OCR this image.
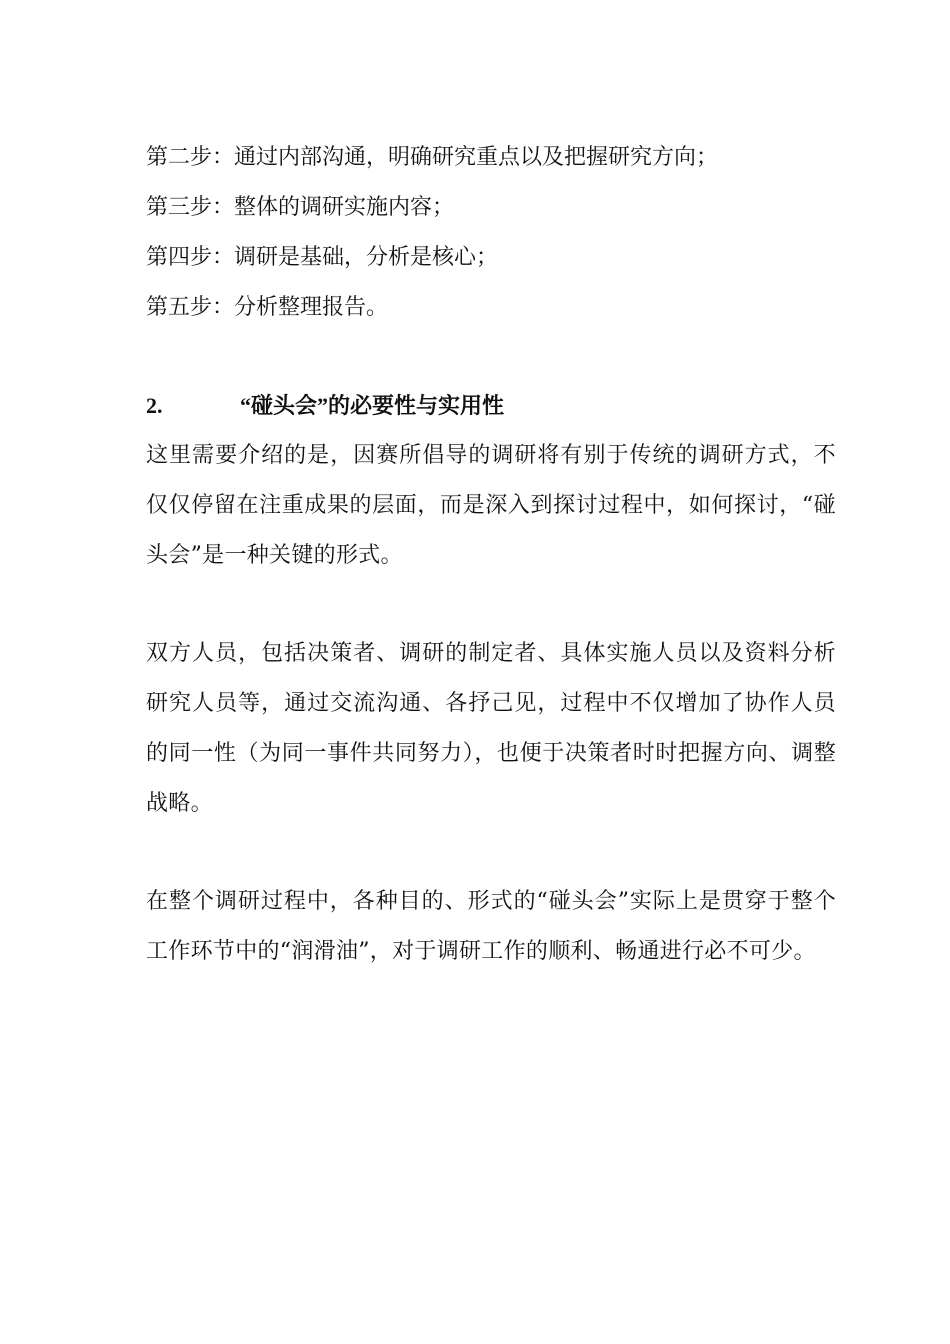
第二步：通过内部沟通，明确研究重点以及把握研究方向；
第三步：整体的调研实施内容；
第四步：调研是基础，分析是核心；
第五步：分析整理报告。
2.	“碰头会”的必要性与实用性

这里需要介绍的是，因赛所倡导的调研将有别于传统的调研方式，不仅仅停留在注重成果的层面，而是深入到探讨过程中，如何探讨，“碰头会”是一种关键的形式。

双方人员，包括决策者、调研的制定者、具体实施人员以及资料分析研究人员等，通过交流沟通、各抒己见，过程中不仅增加了协作人员的同一性（为同一事件共同努力），也便于决策者时时把握方向、调整战略。

在整个调研过程中，各种目的、形式的“碰头会”实际上是贯穿于整个工作环节中的“润滑油”，对于调研工作的顺利、畅通进行必不可少。
